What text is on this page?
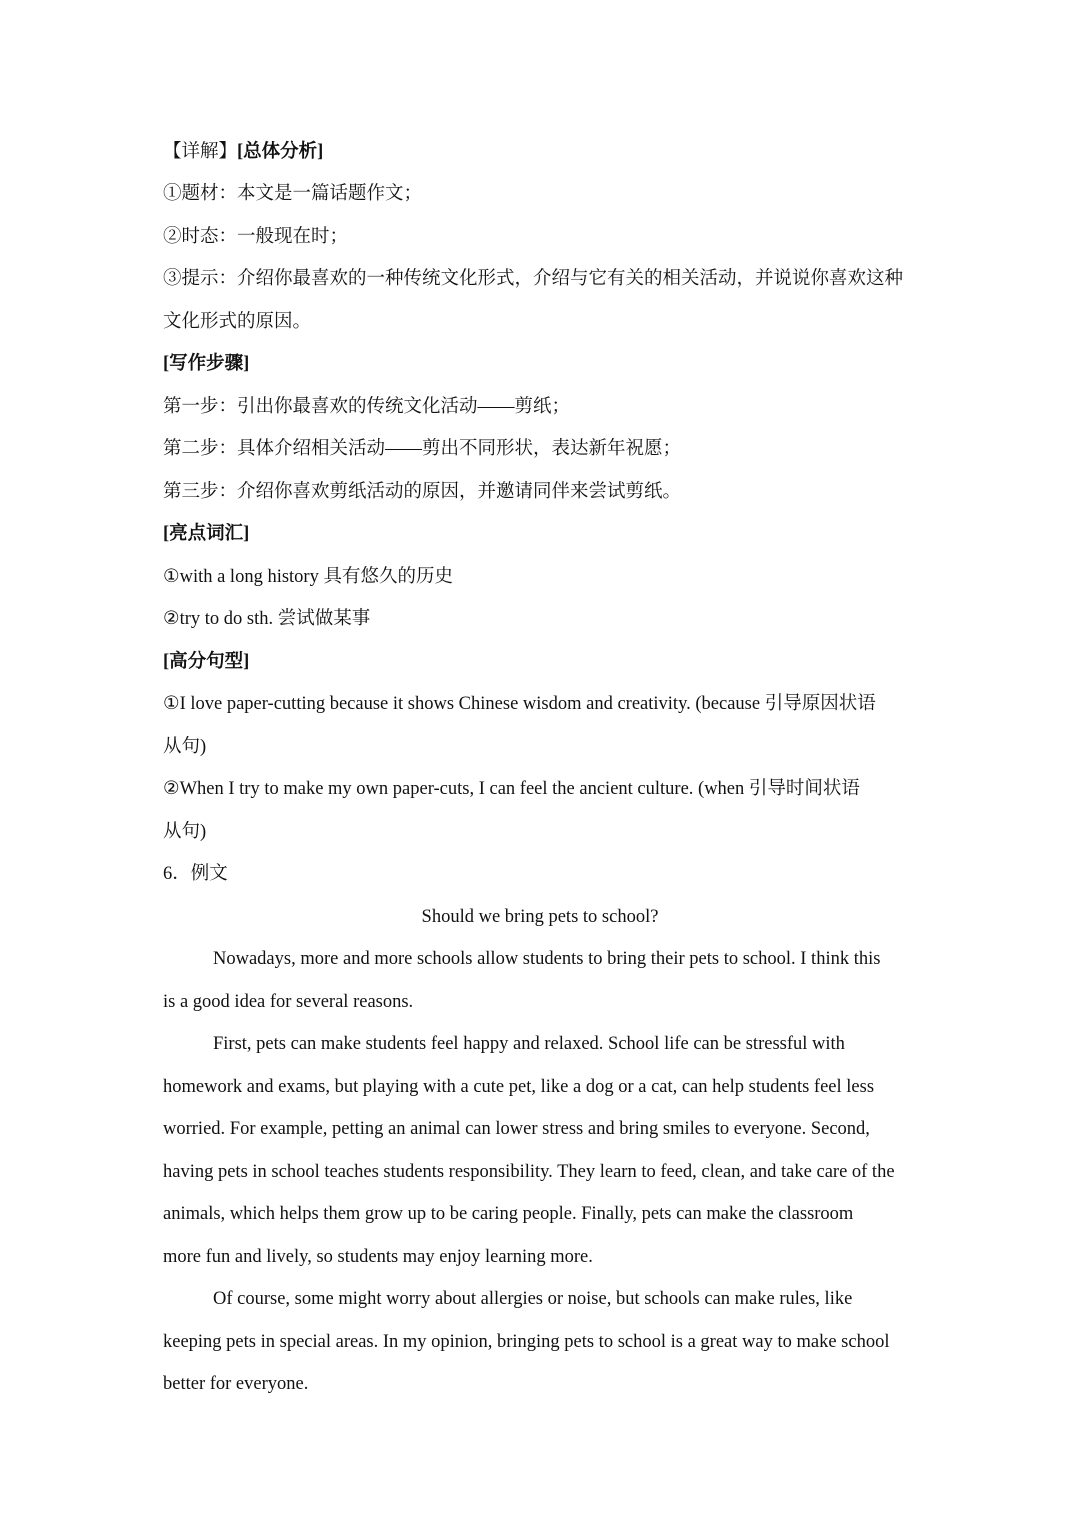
【详解】[总体分析]
①题材：本文是一篇话题作文；
②时态：一般现在时；
③提示：介绍你最喜欢的一种传统文化形式，介绍与它有关的相关活动，并说说你喜欢这种
文化形式的原因。
[写作步骤]
第一步：引出你最喜欢的传统文化活动——剪纸；
第二步：具体介绍相关活动——剪出不同形状，表达新年祝愿；
第三步：介绍你喜欢剪纸活动的原因，并邀请同伴来尝试剪纸。
[亮点词汇]
①with a long history 具有悠久的历史
②try to do sth. 尝试做某事
[高分句型]
①I love paper-cutting because it shows Chinese wisdom and creativity. (because 引导原因状语
从句)
②When I try to make my own paper-cuts, I can feel the ancient culture. (when 引导时间状语
从句)
6．例文
Should we bring pets to school?
Nowadays, more and more schools allow students to bring their pets to school. I think this
is a good idea for several reasons.
First, pets can make students feel happy and relaxed. School life can be stressful with
homework and exams, but playing with a cute pet, like a dog or a cat, can help students feel less
worried. For example, petting an animal can lower stress and bring smiles to everyone. Second,
having pets in school teaches students responsibility. They learn to feed, clean, and take care of the
animals, which helps them grow up to be caring people. Finally, pets can make the classroom
more fun and lively, so students may enjoy learning more.
Of course, some might worry about allergies or noise, but schools can make rules, like
keeping pets in special areas. In my opinion, bringing pets to school is a great way to make school
better for everyone.
